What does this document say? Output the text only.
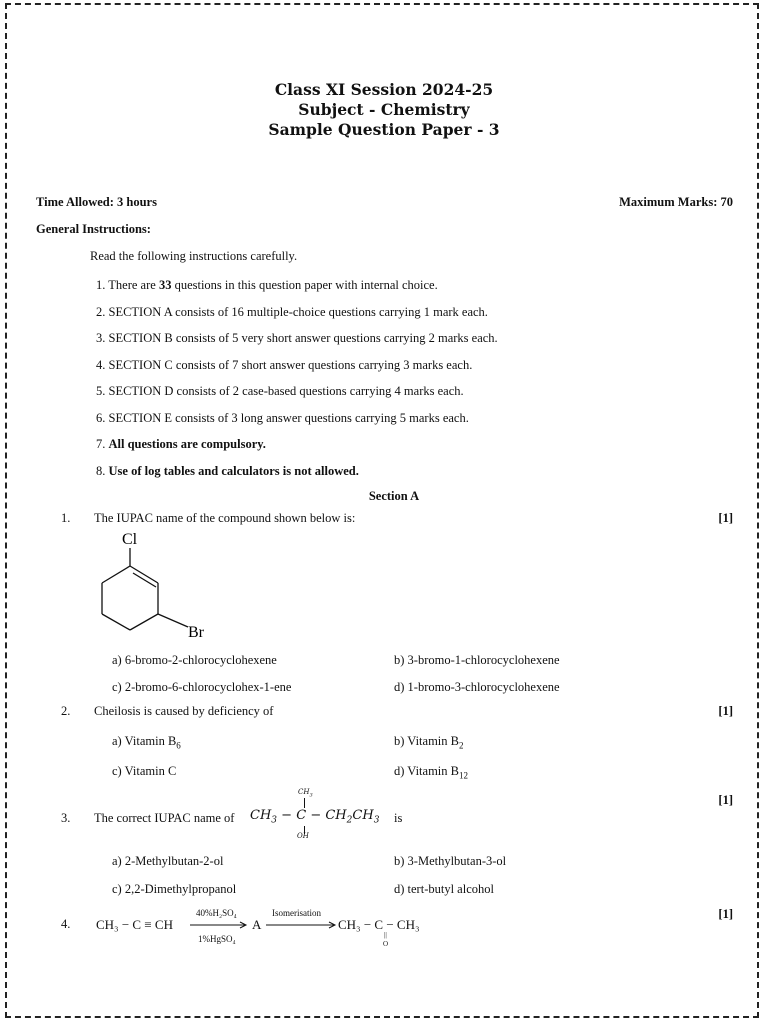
Class XI Session 2024-25
Subject - Chemistry
Sample Question Paper - 3
Time Allowed: 3 hours	Maximum Marks: 70
General Instructions:
Read the following instructions carefully.
1. There are 33 questions in this question paper with internal choice.
2. SECTION A consists of 16 multiple-choice questions carrying 1 mark each.
3. SECTION B consists of 5 very short answer questions carrying 2 marks each.
4. SECTION C consists of 7 short answer questions carrying 3 marks each.
5. SECTION D consists of 2 case-based questions carrying 4 marks each.
6. SECTION E consists of 3 long answer questions carrying 5 marks each.
7. All questions are compulsory.
8. Use of log tables and calculators is not allowed.
Section A
1. The IUPAC name of the compound shown below is:	[1]
Cl
Br
a) 6-bromo-2-chlorocyclohexene	b) 3-bromo-1-chlorocyclohexene
c) 2-bromo-6-chlorocyclohex-1-ene	d) 1-bromo-3-chlorocyclohexene
2. Cheilosis is caused by deficiency of	[1]
a) Vitamin $B_6$	b) Vitamin $B_2$
c) Vitamin C	d) Vitamin $B_{12}$
[1]
3. The correct IUPAC name of
$CH_3$
$CH_3 - C - CH_2CH_3$
OH
is
a) 2-Methylbutan-2-ol	b) 3-Methylbutan-3-ol
c) 2,2-Dimethylpropanol	d) tert-butyl alcohol
[1]
4. CH₃ − C ≡ CH
40%H₂SO₄
1%HgSO₄
A
Isomerisation
CH₃ − C − CH₃
||
O
